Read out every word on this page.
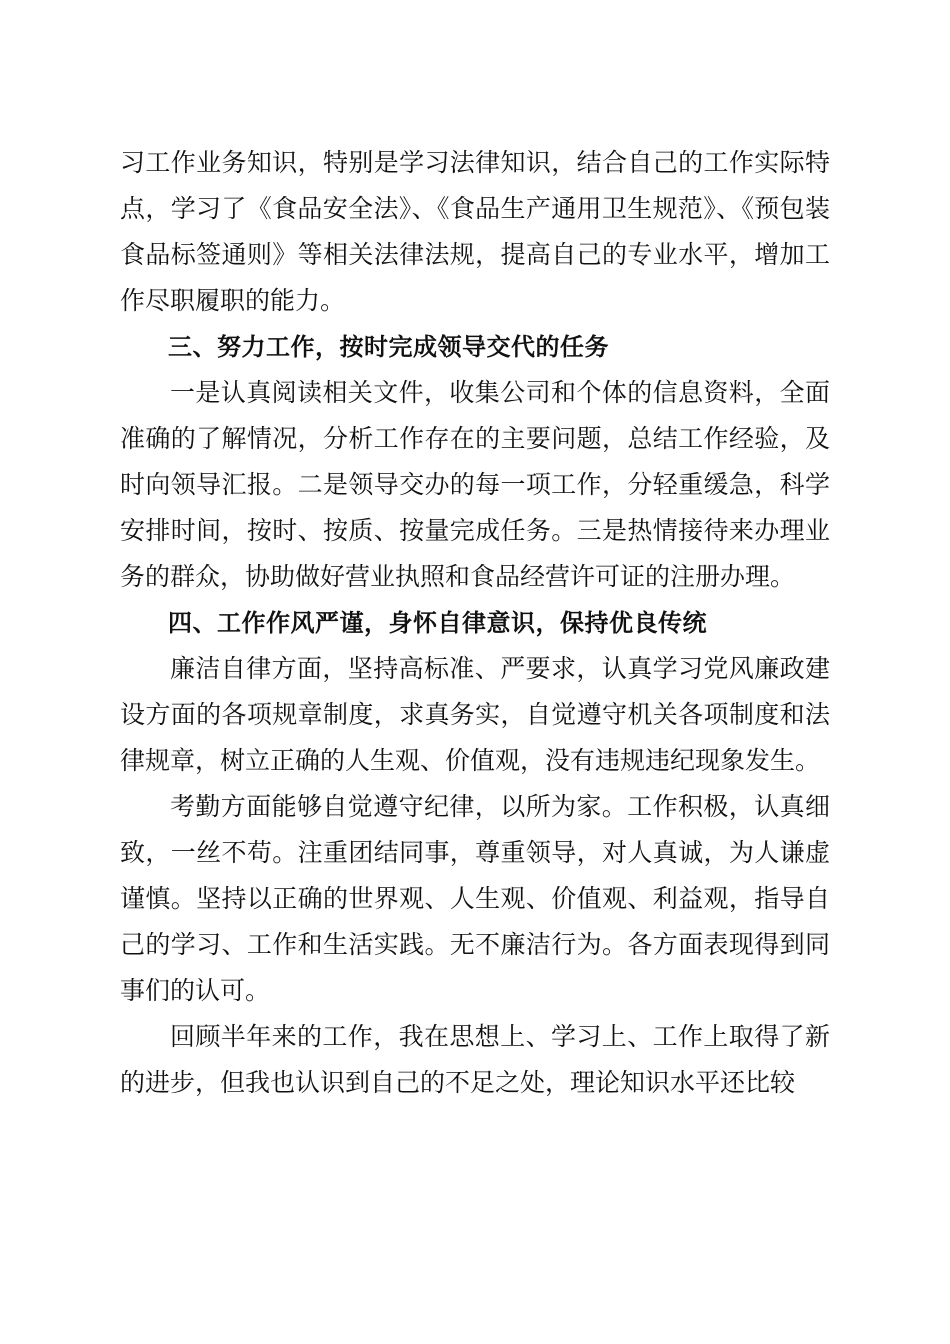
习工作业务知识，特别是学习法律知识，结合自己的工作实际特点，学习了《食品安全法》、《食品生产通用卫生规范》、《预包装食品标签通则》等相关法律法规，提高自己的专业水平，增加工作尽职履职的能力。

三、努力工作，按时完成领导交代的任务

一是认真阅读相关文件，收集公司和个体的信息资料，全面准确的了解情况，分析工作存在的主要问题，总结工作经验，及时向领导汇报。二是领导交办的每一项工作，分轻重缓急，科学安排时间，按时、按质、按量完成任务。三是热情接待来办理业务的群众，协助做好营业执照和食品经营许可证的注册办理。

四、工作作风严谨，身怀自律意识，保持优良传统

廉洁自律方面，坚持高标准、严要求，认真学习党风廉政建设方面的各项规章制度，求真务实，自觉遵守机关各项制度和法律规章，树立正确的人生观、价值观，没有违规违纪现象发生。

考勤方面能够自觉遵守纪律，以所为家。工作积极，认真细致，一丝不苟。注重团结同事，尊重领导，对人真诚，为人谦虚谨慎。坚持以正确的世界观、人生观、价值观、利益观，指导自己的学习、工作和生活实践。无不廉洁行为。各方面表现得到同事们的认可。

回顾半年来的工作，我在思想上、学习上、工作上取得了新的进步，但我也认识到自己的不足之处，理论知识水平还比较
